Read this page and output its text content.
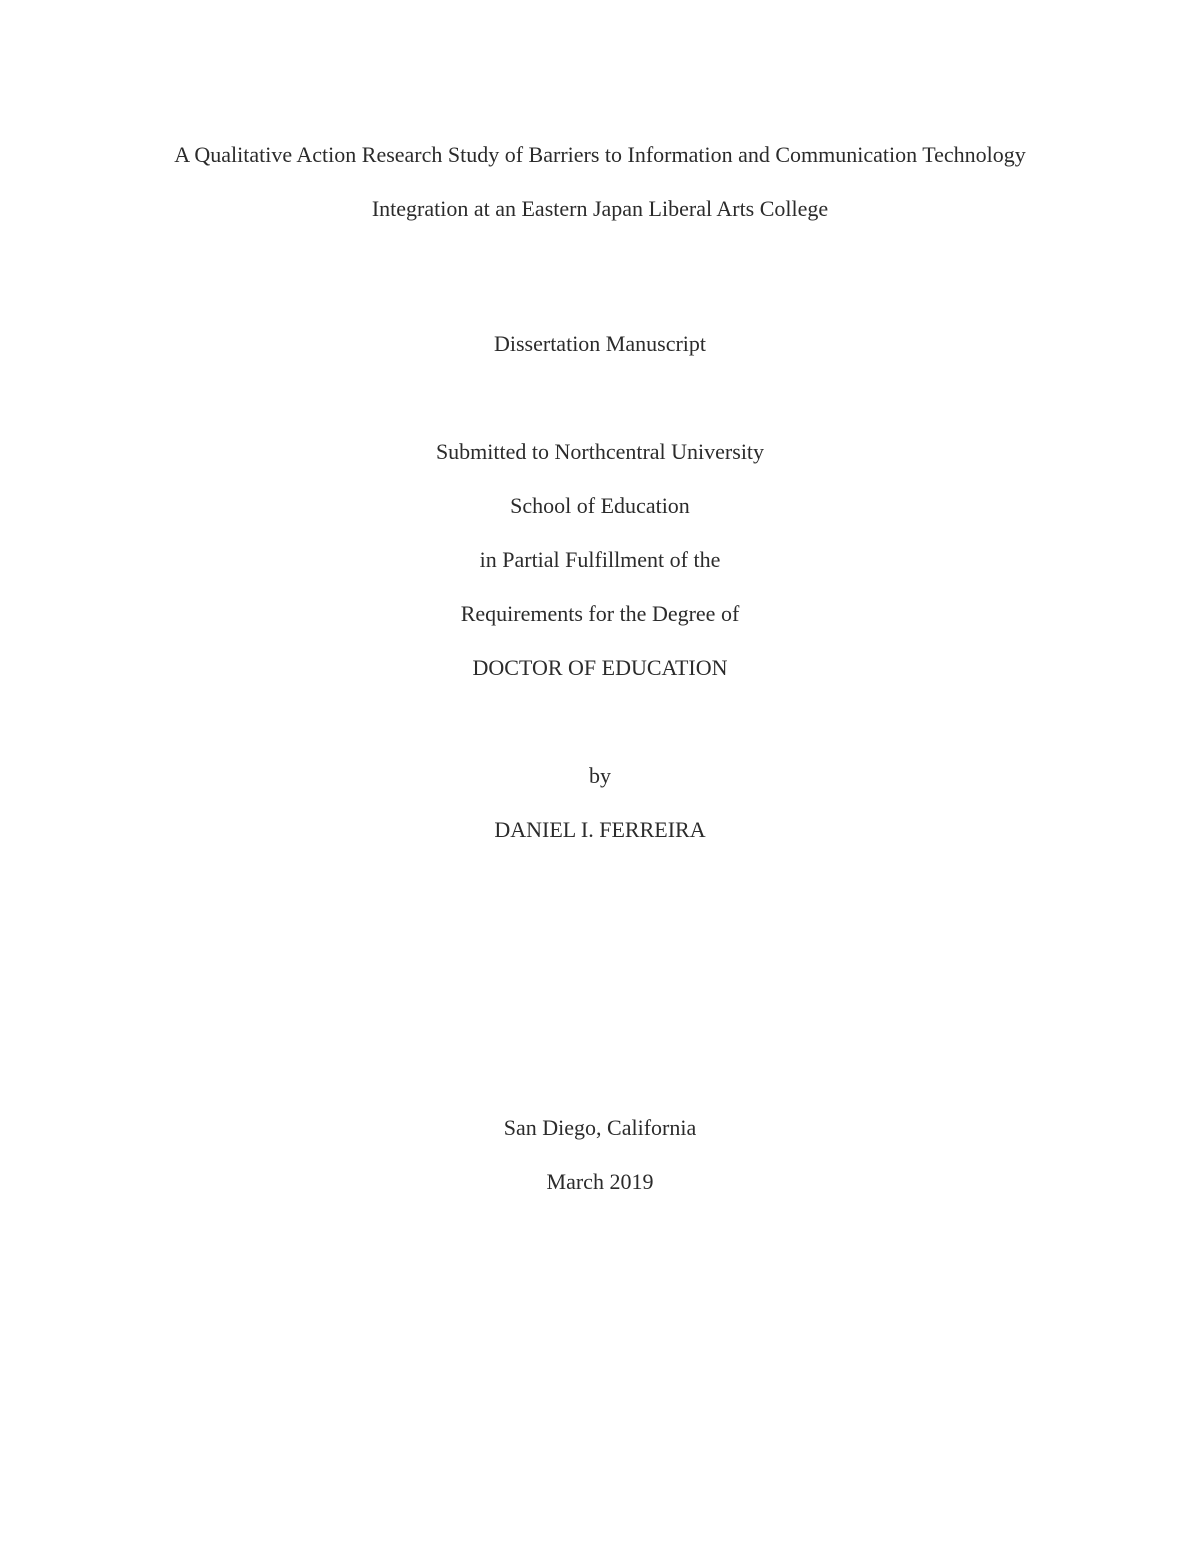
A Qualitative Action Research Study of Barriers to Information and Communication Technology
Integration at an Eastern Japan Liberal Arts College
Dissertation Manuscript
Submitted to Northcentral University
School of Education
in Partial Fulfillment of the
Requirements for the Degree of
DOCTOR OF EDUCATION
by
DANIEL I. FERREIRA
San Diego, California
March 2019
